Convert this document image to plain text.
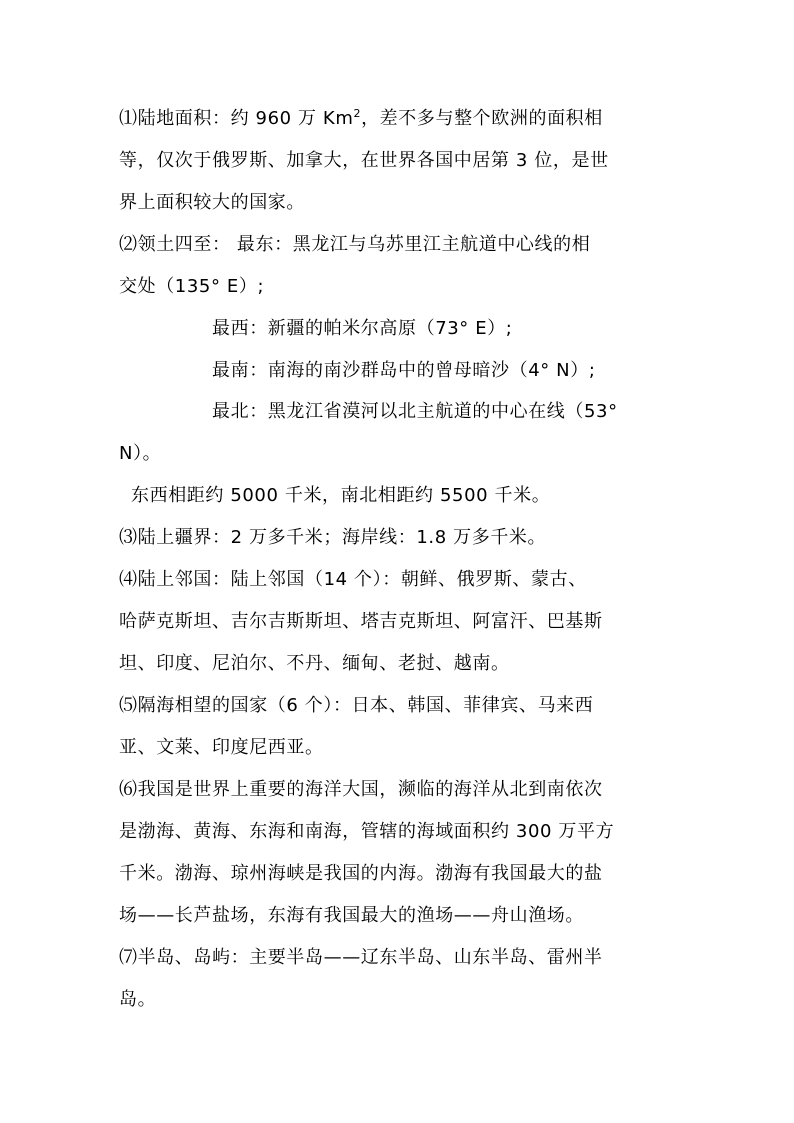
⑴陆地面积：约 960 万 Km$^2$，差不多与整个欧洲的面积相
等，仅次于俄罗斯、加拿大，在世界各国中居第 3 位，是世
界上面积较大的国家。
⑵领土四至： 最东：黑龙江与乌苏里江主航道中心线的相
交处（135° E）;
最西：新疆的帕米尔高原（73° E）;
最南：南海的南沙群岛中的曾母暗沙（4° N）;
最北：黑龙江省漠河以北主航道的中心在线（53°
N）。
东西相距约 5000 千米，南北相距约 5500 千米。
⑶陆上疆界：2 万多千米；海岸线：1.8 万多千米。
⑷陆上邻国：陆上邻国（14 个）：朝鲜、俄罗斯、蒙古、
哈萨克斯坦、吉尔吉斯斯坦、塔吉克斯坦、阿富汗、巴基斯
坦、印度、尼泊尔、不丹、缅甸、老挝、越南。
⑸隔海相望的国家（6 个）：日本、韩国、菲律宾、马来西
亚、文莱、印度尼西亚。
⑹我国是世界上重要的海洋大国，濒临的海洋从北到南依次
是渤海、黄海、东海和南海，管辖的海域面积约 300 万平方
千米。渤海、琼州海峡是我国的内海。渤海有我国最大的盐
场——长芦盐场，东海有我国最大的渔场——舟山渔场。
⑺半岛、岛屿：主要半岛——辽东半岛、山东半岛、雷州半
岛。
